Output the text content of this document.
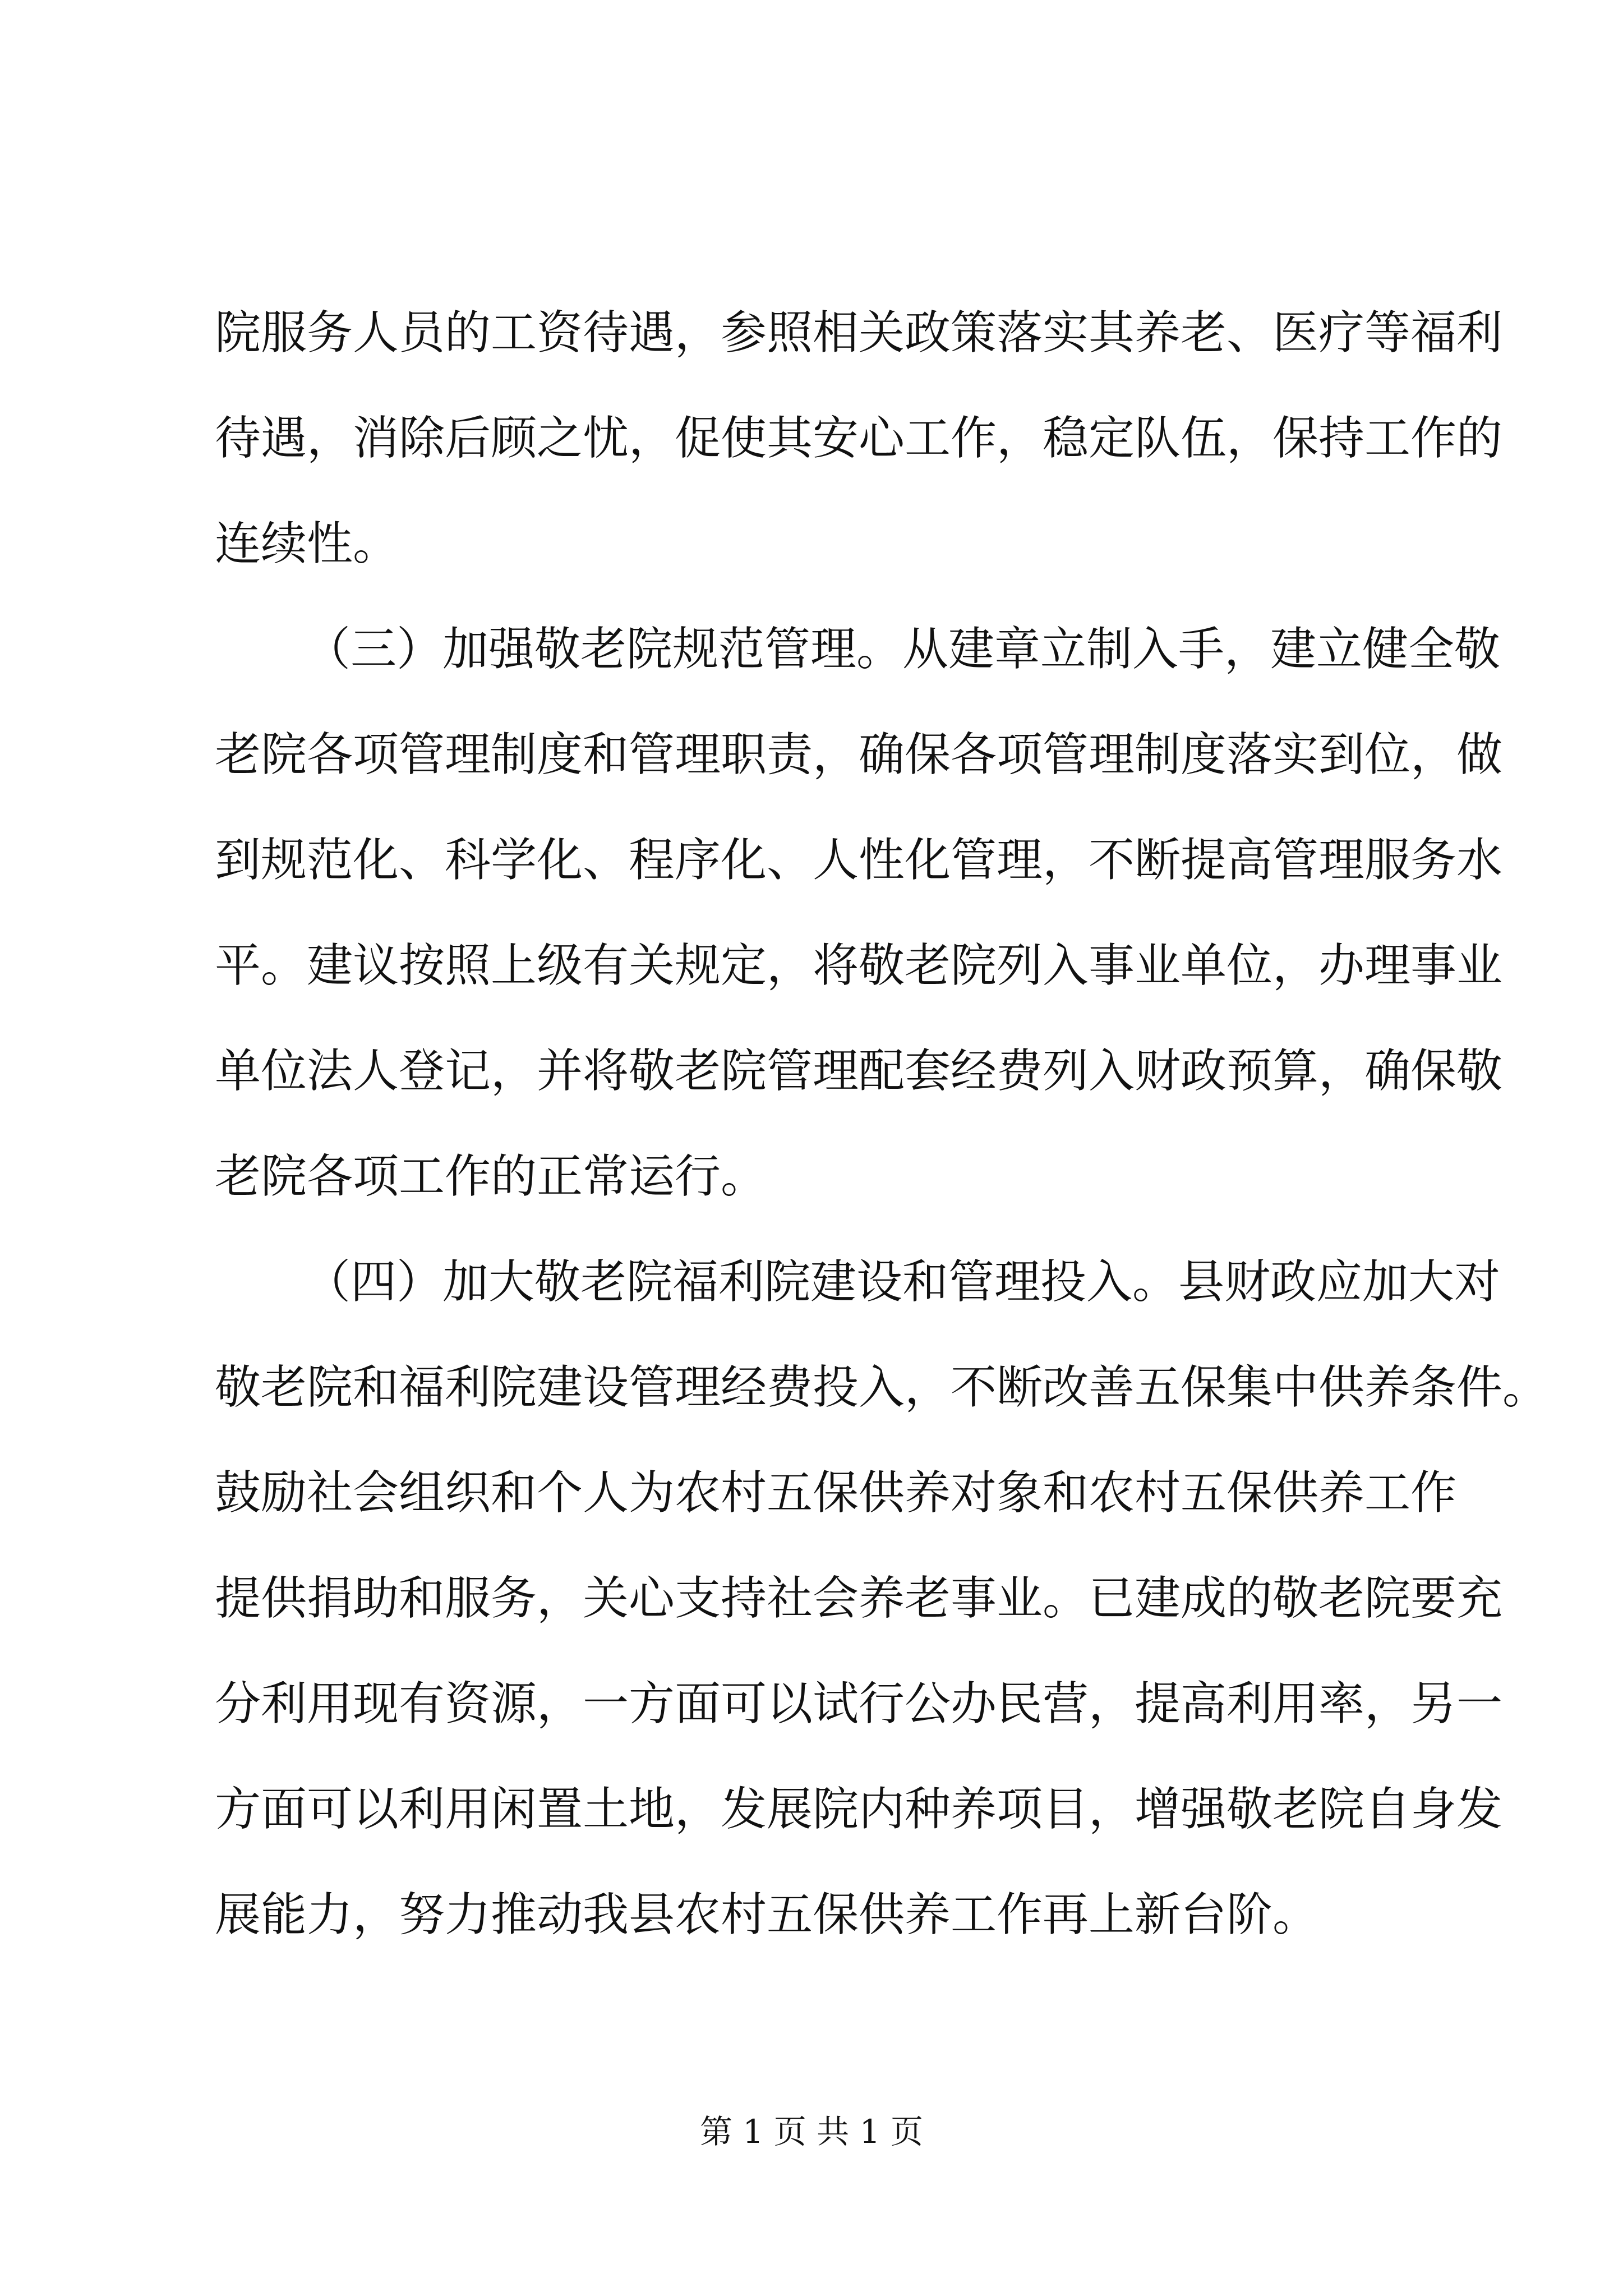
院服务人员的工资待遇，参照相关政策落实其养老、医疗等福利
待遇，消除后顾之忧，促使其安心工作，稳定队伍，保持工作的
连续性。
（三）加强敬老院规范管理。从建章立制入手，建立健全敬
老院各项管理制度和管理职责，确保各项管理制度落实到位，做
到规范化、科学化、程序化、人性化管理，不断提高管理服务水
平。建议按照上级有关规定，将敬老院列入事业单位，办理事业
单位法人登记，并将敬老院管理配套经费列入财政预算，确保敬
老院各项工作的正常运行。
（四）加大敬老院福利院建设和管理投入。县财政应加大对
敬老院和福利院建设管理经费投入，不断改善五保集中供养条件。
鼓励社会组织和个人为农村五保供养对象和农村五保供养工作
提供捐助和服务，关心支持社会养老事业。已建成的敬老院要充
分利用现有资源，一方面可以试行公办民营，提高利用率，另一
方面可以利用闲置土地，发展院内种养项目，增强敬老院自身发
展能力，努力推动我县农村五保供养工作再上新台阶。
第 1 页 共 1 页
